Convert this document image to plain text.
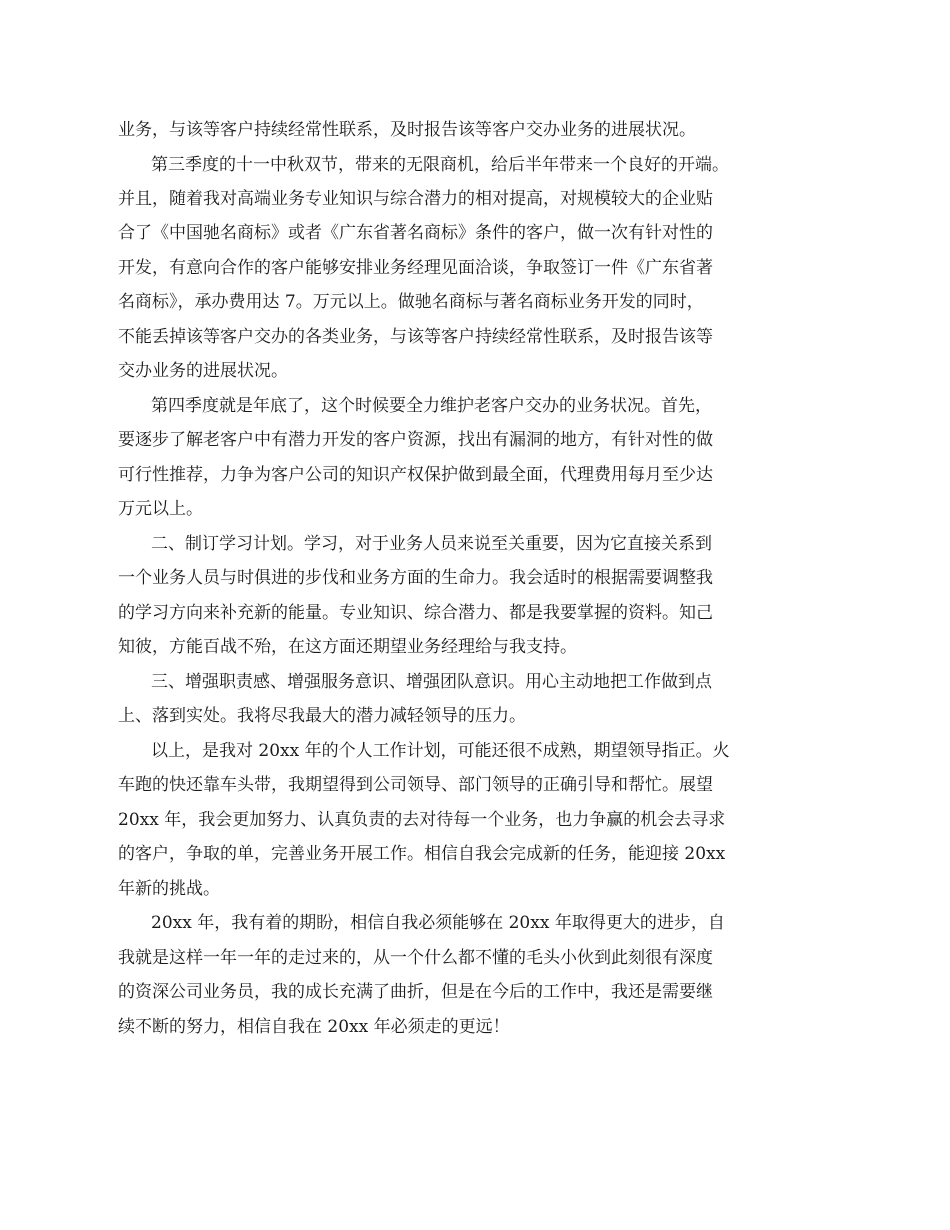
业务，与该等客户持续经常性联系，及时报告该等客户交办业务的进展状况。

第三季度的十一中秋双节，带来的无限商机，给后半年带来一个良好的开端。

并且，随着我对高端业务专业知识与综合潜力的相对提高，对规模较大的企业贴

合了《中国驰名商标》或者《广东省著名商标》条件的客户，做一次有针对性的

开发，有意向合作的客户能够安排业务经理见面洽谈，争取签订一件《广东省著

名商标》，承办费用达 7。万元以上。做驰名商标与著名商标业务开发的同时，

不能丢掉该等客户交办的各类业务，与该等客户持续经常性联系，及时报告该等

交办业务的进展状况。

第四季度就是年底了，这个时候要全力维护老客户交办的业务状况。首先，

要逐步了解老客户中有潜力开发的客户资源，找出有漏洞的地方，有针对性的做

可行性推荐，力争为客户公司的知识产权保护做到最全面，代理费用每月至少达

万元以上。

二、制订学习计划。学习，对于业务人员来说至关重要，因为它直接关系到

一个业务人员与时俱进的步伐和业务方面的生命力。我会适时的根据需要调整我

的学习方向来补充新的能量。专业知识、综合潜力、都是我要掌握的资料。知己

知彼，方能百战不殆，在这方面还期望业务经理给与我支持。

三、增强职责感、增强服务意识、增强团队意识。用心主动地把工作做到点

上、落到实处。我将尽我最大的潜力减轻领导的压力。

以上，是我对 20xx 年的个人工作计划，可能还很不成熟，期望领导指正。火

车跑的快还靠车头带，我期望得到公司领导、部门领导的正确引导和帮忙。展望

20xx 年，我会更加努力、认真负责的去对待每一个业务，也力争赢的机会去寻求

的客户，争取的单，完善业务开展工作。相信自我会完成新的任务，能迎接 20xx

年新的挑战。

20xx 年，我有着的期盼，相信自我必须能够在 20xx 年取得更大的进步，自

我就是这样一年一年的走过来的，从一个什么都不懂的毛头小伙到此刻很有深度

的资深公司业务员，我的成长充满了曲折，但是在今后的工作中，我还是需要继

续不断的努力，相信自我在 20xx 年必须走的更远！
